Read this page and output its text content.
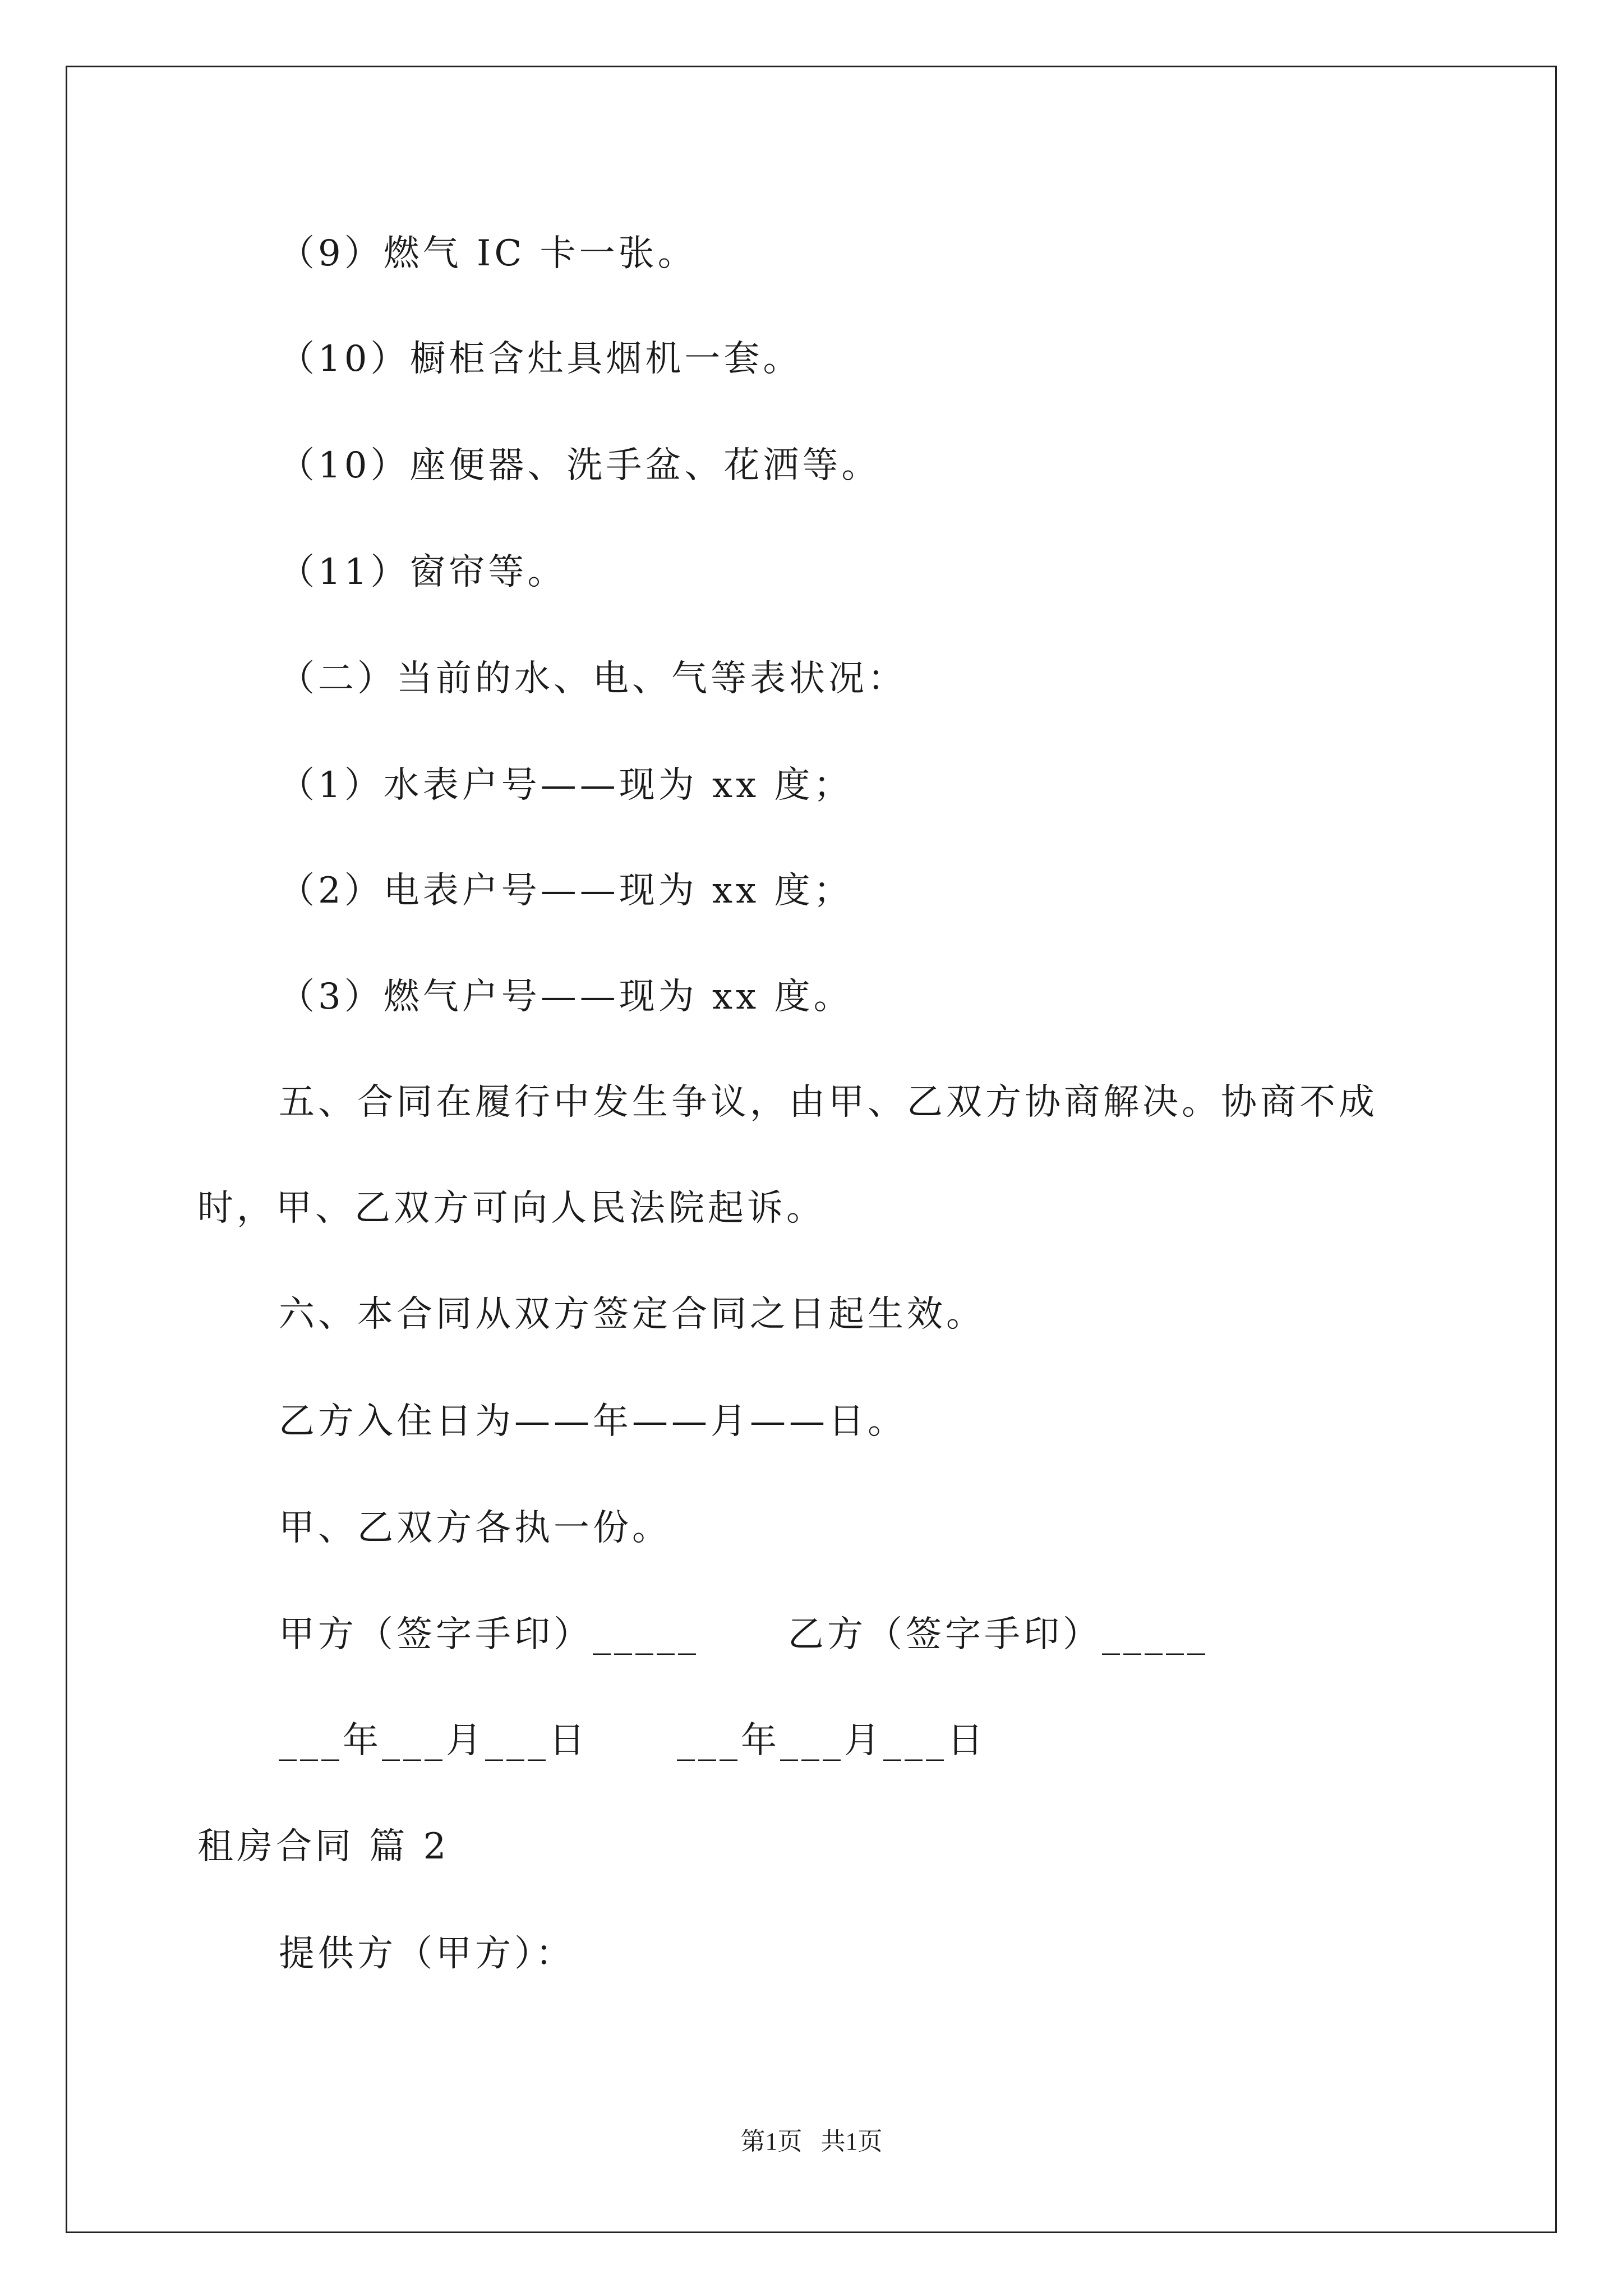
（9）燃气 IC 卡一张。
（10）橱柜含灶具烟机一套。
（10）座便器、洗手盆、花洒等。
（11）窗帘等。
（二）当前的水、电、气等表状况：
（1）水表户号——现为 xx 度；
（2）电表户号——现为 xx 度；
（3）燃气户号——现为 xx 度。
五、合同在履行中发生争议，由甲、乙双方协商解决。协商不成
时，甲、乙双方可向人民法院起诉。
六、本合同从双方签定合同之日起生效。
乙方入住日为——年——月——日。
甲、乙双方各执一份。
甲方（签字手印）_____      乙方（签字手印）_____
___年___月___日      ___年___月___日
租房合同 篇 2
提供方（甲方）：
第1页   共1页
